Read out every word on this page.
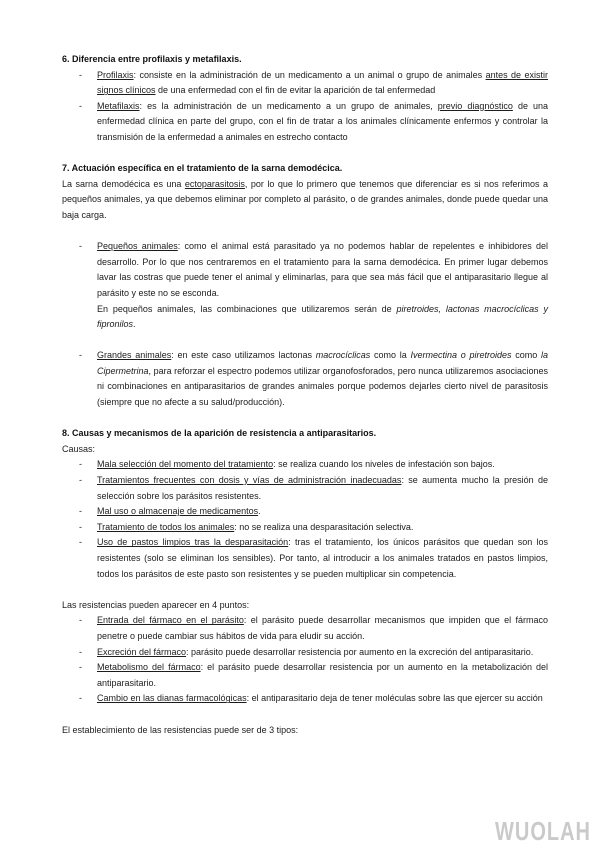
6. Diferencia entre profilaxis y metafilaxis.
- Profilaxis: consiste en la administración de un medicamento a un animal o grupo de animales antes de existir signos clínicos de una enfermedad con el fin de evitar la aparición de tal enfermedad
- Metafilaxis: es la administración de un medicamento a un grupo de animales, previo diagnóstico de una enfermedad clínica en parte del grupo, con el fin de tratar a los animales clínicamente enfermos y controlar la transmisión de la enfermedad a animales en estrecho contacto
7. Actuación específica en el tratamiento de la sarna demodécica.
La sarna demodécica es una ectoparasitosis, por lo que lo primero que tenemos que diferenciar es si nos referimos a pequeños animales, ya que debemos eliminar por completo al parásito, o de grandes animales, donde puede quedar una baja carga.
- Pequeños animales: como el animal está parasitado ya no podemos hablar de repelentes e inhibidores del desarrollo. Por lo que nos centraremos en el tratamiento para la sarna demodécica. En primer lugar debemos lavar las costras que puede tener el animal y eliminarlas, para que sea más fácil que el antiparasitario llegue al parásito y este no se esconda.
En pequeños animales, las combinaciones que utilizaremos serán de piretroides, lactonas macrocíclicas y fipronilos.
- Grandes animales: en este caso utilizamos lactonas macrocíclicas como la Ivermectina o piretroides como la Cipermetrina, para reforzar el espectro podemos utilizar organofosforados, pero nunca utilizaremos asociaciones ni combinaciones en antiparasitarios de grandes animales porque podemos dejarles cierto nivel de parasitosis (siempre que no afecte a su salud/producción).
8. Causas y mecanismos de la aparición de resistencia a antiparasitarios.
Causas:
- Mala selección del momento del tratamiento: se realiza cuando los niveles de infestación son bajos.
- Tratamientos frecuentes con dosis y vías de administración inadecuadas: se aumenta mucho la presión de selección sobre los parásitos resistentes.
- Mal uso o almacenaje de medicamentos.
- Tratamiento de todos los animales: no se realiza una desparasitación selectiva.
- Uso de pastos limpios tras la desparasitación: tras el tratamiento, los únicos parásitos que quedan son los resistentes (solo se eliminan los sensibles). Por tanto, al introducir a los animales tratados en pastos limpios, todos los parásitos de este pasto son resistentes y se pueden multiplicar sin competencia.
Las resistencias pueden aparecer en 4 puntos:
- Entrada del fármaco en el parásito: el parásito puede desarrollar mecanismos que impiden que el fármaco penetre o puede cambiar sus hábitos de vida para eludir su acción.
- Excreción del fármaco: parásito puede desarrollar resistencia por aumento en la excreción del antiparasitario.
- Metabolismo del fármaco: el parásito puede desarrollar resistencia por un aumento en la metabolización del antiparasitario.
- Cambio en las dianas farmacológicas: el antiparasitario deja de tener moléculas sobre las que ejercer su acción
El establecimiento de las resistencias puede ser de 3 tipos:
WUOLAH
